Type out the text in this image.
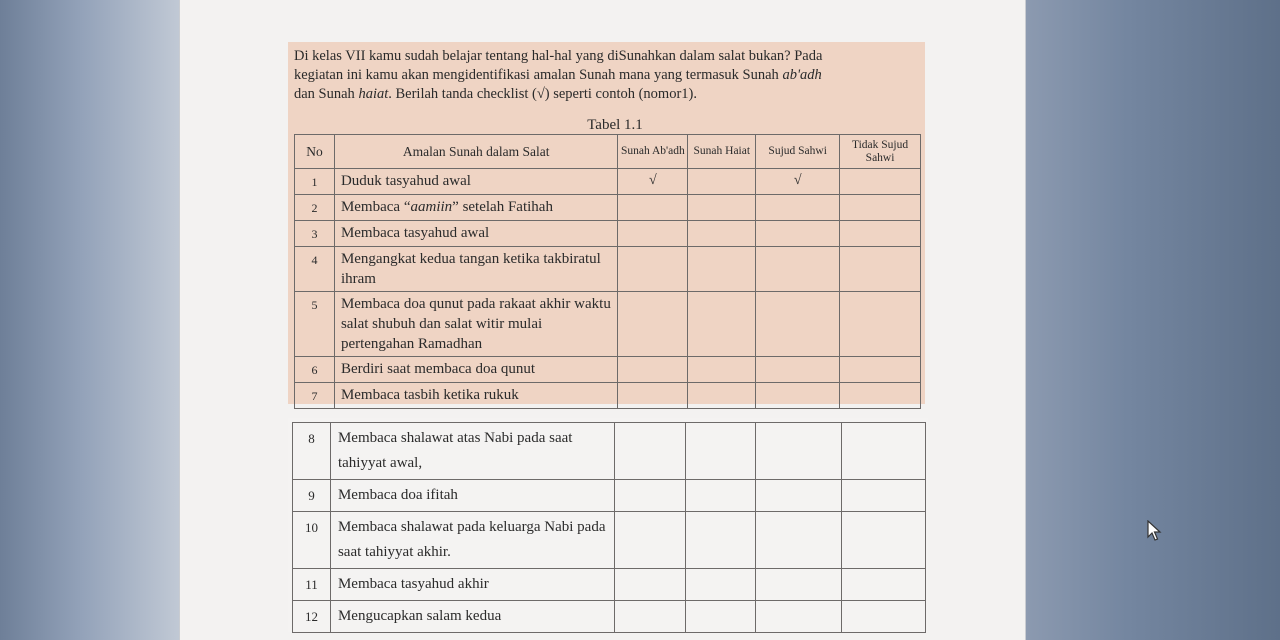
Di kelas VII kamu sudah belajar tentang hal-hal yang diSunahkan dalam salat bukan? Pada
kegiatan ini kamu akan mengidentifikasi amalan Sunah mana yang termasuk Sunah ab'adh
dan Sunah haiat. Berilah tanda checklist (√) seperti contoh (nomor1).
Tabel 1.1
No	Amalan Sunah dalam Salat	Sunah Ab'adh	Sunah Haiat	Sujud Sahwi	Tidak Sujud Sahwi
1	Duduk tasyahud awal	√		√	
2	Membaca “aamiin” setelah Fatihah				
3	Membaca tasyahud awal				
4	Mengangkat kedua tangan ketika takbiratul ihram				
5	Membaca doa qunut pada rakaat akhir waktu salat shubuh dan salat witir mulai pertengahan Ramadhan				
6	Berdiri saat membaca doa qunut				
7	Membaca tasbih ketika rukuk				
8	Membaca shalawat atas Nabi pada saat tahiyyat awal,				
9	Membaca doa ifitah				
10	Membaca shalawat pada keluarga Nabi pada saat tahiyyat akhir.				
11	Membaca tasyahud akhir				
12	Mengucapkan salam kedua				
